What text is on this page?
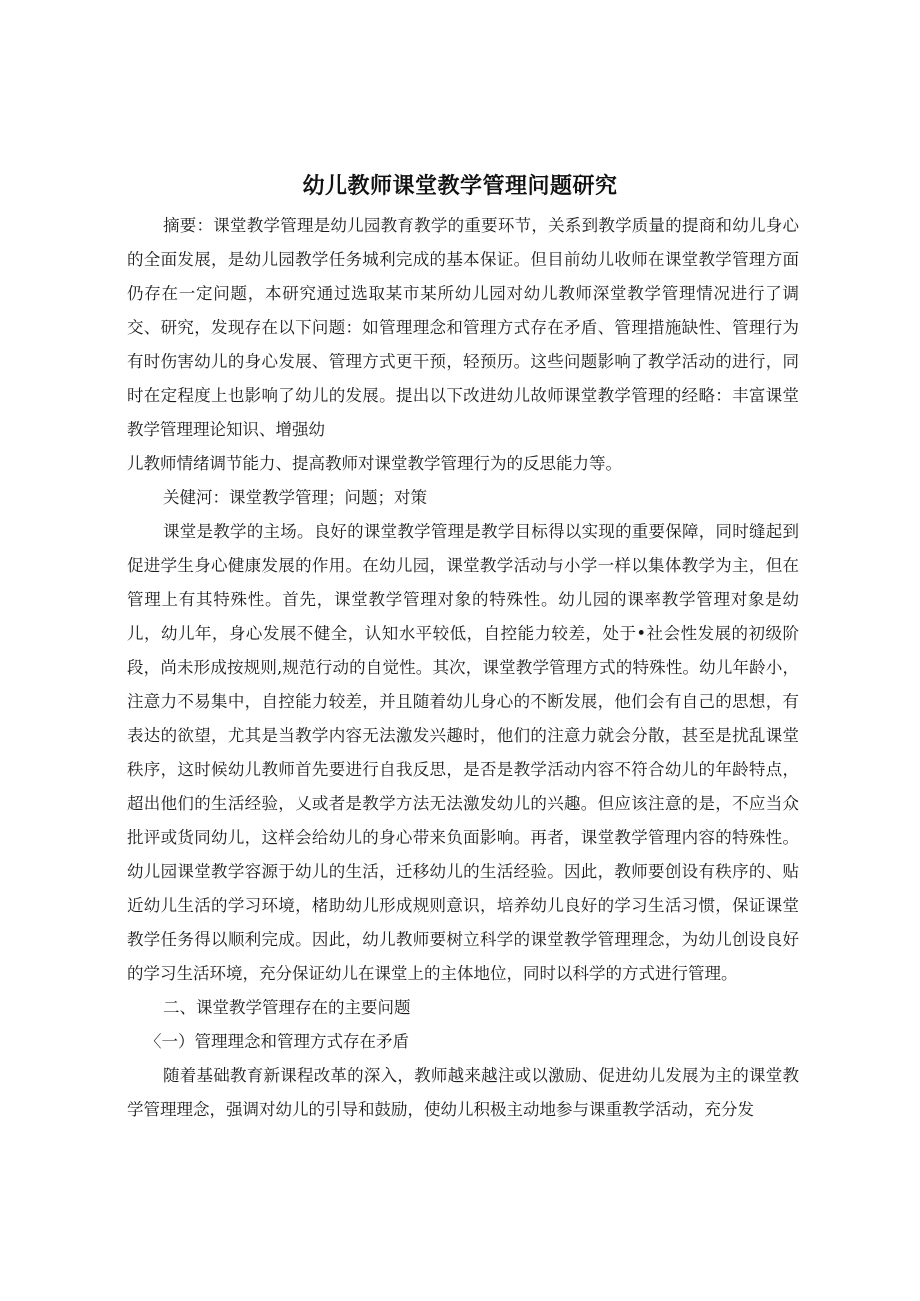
幼儿教师课堂教学管理问题研究

摘要：课堂教学管理是幼儿园教育教学的重要环节，关系到教学质量的提商和幼儿身心的全面发展，是幼儿园教学任务城利完成的基本保证。但目前幼儿收师在课堂教学管理方面仍存在一定问题，本研究通过选取某市某所幼儿园对幼儿教师深堂教学管理情况进行了调交、研究，发现存在以下问题：如管理理念和管理方式存在矛盾、管理措施缺性、管理行为有时伤害幼儿的身心发展、管理方式更干预，轻预历。这些问题影响了教学活动的进行，同时在定程度上也影响了幼儿的发展。提出以下改进幼儿故师课堂教学管理的经略：丰富课堂教学管理理论知识、增强幼

儿教师情绪调节能力、提高教师对课堂教学管理行为的反思能力等。

关健河：课堂教学管理；问题；对策

课堂是教学的主场。良好的课堂教学管理是教学目标得以实现的重要保障，同时缝起到促进学生身心健康发展的作用。在幼儿园，课堂教学活动与小学一样以集体教学为主，但在管理上有其特殊性。首先，课堂教学管理对象的特殊性。幼儿园的课率教学管理对象是幼儿，幼儿年，身心发展不健全，认知水平较低，自控能力较差，处于•社会性发展的初级阶段，尚未形成按规则,规范行动的自觉性。其次，课堂教学管理方式的特殊性。幼儿年龄小，注意力不易集中，自控能力较差，并且随着幼儿身心的不断发展，他们会有自己的思想，有表达的欲望，尤其是当教学内容无法激发兴趣时，他们的注意力就会分散，甚至是扰乱课堂秩序，这时候幼儿教师首先要进行自我反思，是否是教学活动内容不符合幼儿的年龄特点，超出他们的生活经验，乂或者是教学方法无法激发幼儿的兴趣。但应该注意的是，不应当众批评或货同幼儿，这样会给幼儿的身心带来负面影响。再者，课堂教学管理内容的特殊性。幼儿园课堂教学容源于幼儿的生活，迁移幼儿的生活经验。因此，教师要创设有秩序的、贴近幼儿生活的学习环境，楮助幼儿形成规则意识，培养幼儿良好的学习生活习惯，保证课堂教学任务得以顺利完成。因此，幼儿教师要树立科学的课堂教学管理理念，为幼儿创设良好的学习生活环境，充分保证幼儿在课堂上的主体地位，同时以科学的方式进行管理。

二、课堂教学管理存在的主要问题

〈一）管理理念和管理方式存在矛盾

随着基础教育新课程改革的深入，教师越来越注或以激励、促进幼儿发展为主的课堂教学管理理念，强调对幼儿的引导和鼓励，使幼儿积极主动地参与课重教学活动，充分发
